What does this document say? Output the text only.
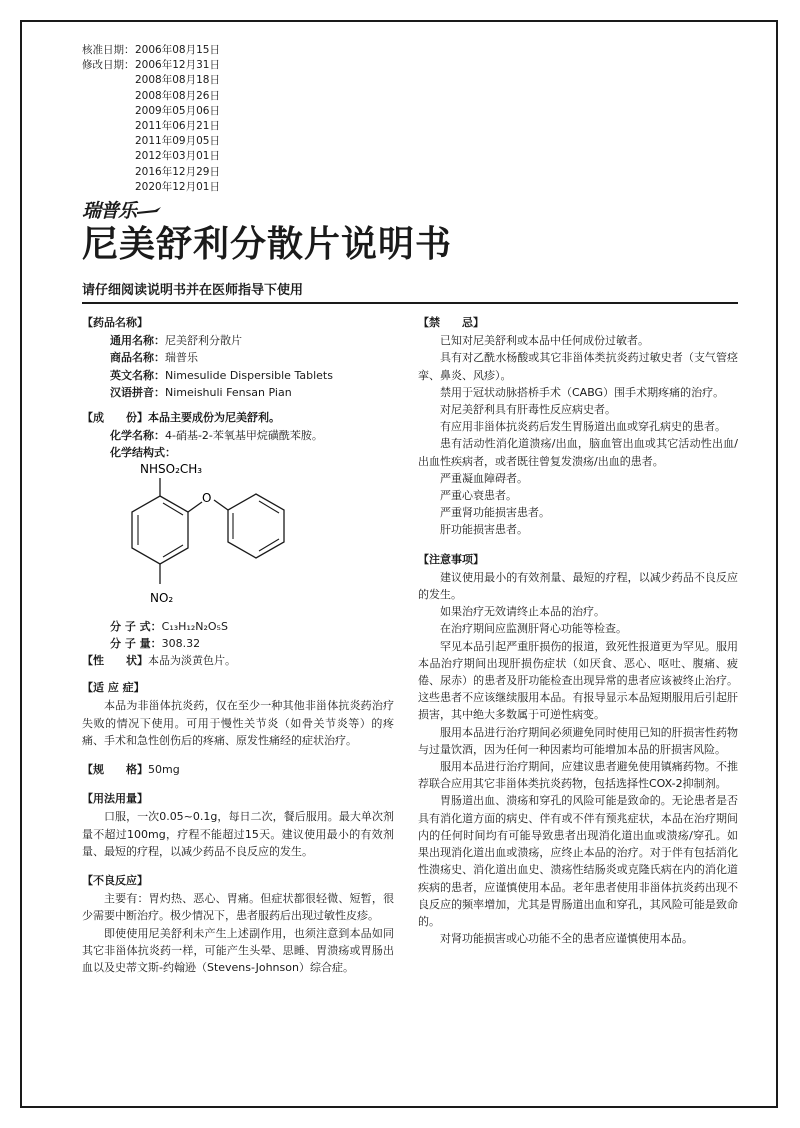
核准日期： 2006年08月15日
修改日期： 2006年12月31日
2008年08月18日
2008年08月26日
2009年05月06日
2011年06月21日
2011年09月05日
2012年03月01日
2016年12月29日
2020年12月01日
瑞普乐
尼美舒利分散片说明书
请仔细阅读说明书并在医师指导下使用
【药品名称】
通用名称：尼美舒利分散片
商品名称：瑞普乐
英文名称：Nimesulide Dispersible Tablets
汉语拼音：Nimeishuli Fensan Pian
【成　　份】本品主要成份为尼美舒利。
化学名称：4-硝基-2-苯氧基甲烷磺酰苯胺。
化学结构式：
NHSO₂CH₃
O
NO₂
分 子 式：C₁₃H₁₂N₂O₅S
分 子 量：308.32
【性　　状】本品为淡黄色片。
【适 应 症】
本品为非甾体抗炎药，仅在至少一种其他非甾体抗炎药治疗失败的情况下使用。可用于慢性关节炎（如骨关节炎等）的疼痛、手术和急性创伤后的疼痛、原发性痛经的症状治疗。
【规　　格】50mg
【用法用量】
口服，一次0.05~0.1g，每日二次，餐后服用。最大单次剂量不超过100mg，疗程不能超过15天。建议使用最小的有效剂量、最短的疗程，以减少药品不良反应的发生。
【不良反应】
主要有：胃灼热、恶心、胃痛。但症状都很轻微、短暂，很少需要中断治疗。极少情况下，患者服药后出现过敏性皮疹。
即使使用尼美舒利未产生上述副作用，也须注意到本品如同其它非甾体抗炎药一样，可能产生头晕、思睡、胃溃疡或胃肠出血以及史蒂文斯-约翰逊（Stevens-Johnson）综合症。
【禁　　忌】
已知对尼美舒利或本品中任何成份过敏者。
具有对乙酰水杨酸或其它非甾体类抗炎药过敏史者（支气管痉挛、鼻炎、风疹）。
禁用于冠状动脉搭桥手术（CABG）围手术期疼痛的治疗。
对尼美舒利具有肝毒性反应病史者。
有应用非甾体抗炎药后发生胃肠道出血或穿孔病史的患者。
患有活动性消化道溃疡/出血，脑血管出血或其它活动性出血/出血性疾病者，或者既往曾复发溃疡/出血的患者。
严重凝血障碍者。
严重心衰患者。
严重肾功能损害患者。
肝功能损害患者。
【注意事项】
建议使用最小的有效剂量、最短的疗程，以减少药品不良反应的发生。
如果治疗无效请终止本品的治疗。
在治疗期间应监测肝肾心功能等检查。
罕见本品引起严重肝损伤的报道，致死性报道更为罕见。服用本品治疗期间出现肝损伤症状（如厌食、恶心、呕吐、腹痛、疲倦、尿赤）的患者及肝功能检查出现异常的患者应该被终止治疗。这些患者不应该继续服用本品。有报导显示本品短期服用后引起肝损害，其中绝大多数属于可逆性病变。
服用本品进行治疗期间必须避免同时使用已知的肝损害性药物与过量饮酒，因为任何一种因素均可能增加本品的肝损害风险。
服用本品进行治疗期间，应建议患者避免使用镇痛药物。不推荐联合应用其它非甾体类抗炎药物，包括选择性COX-2抑制剂。
胃肠道出血、溃疡和穿孔的风险可能是致命的。无论患者是否具有消化道方面的病史、伴有或不伴有预兆症状，本品在治疗期间内的任何时间均有可能导致患者出现消化道出血或溃疡/穿孔。如果出现消化道出血或溃疡，应终止本品的治疗。对于伴有包括消化性溃疡史、消化道出血史、溃疡性结肠炎或克隆氏病在内的消化道疾病的患者，应谨慎使用本品。老年患者使用非甾体抗炎药出现不良反应的频率增加，尤其是胃肠道出血和穿孔，其风险可能是致命的。
对肾功能损害或心功能不全的患者应谨慎使用本品。
